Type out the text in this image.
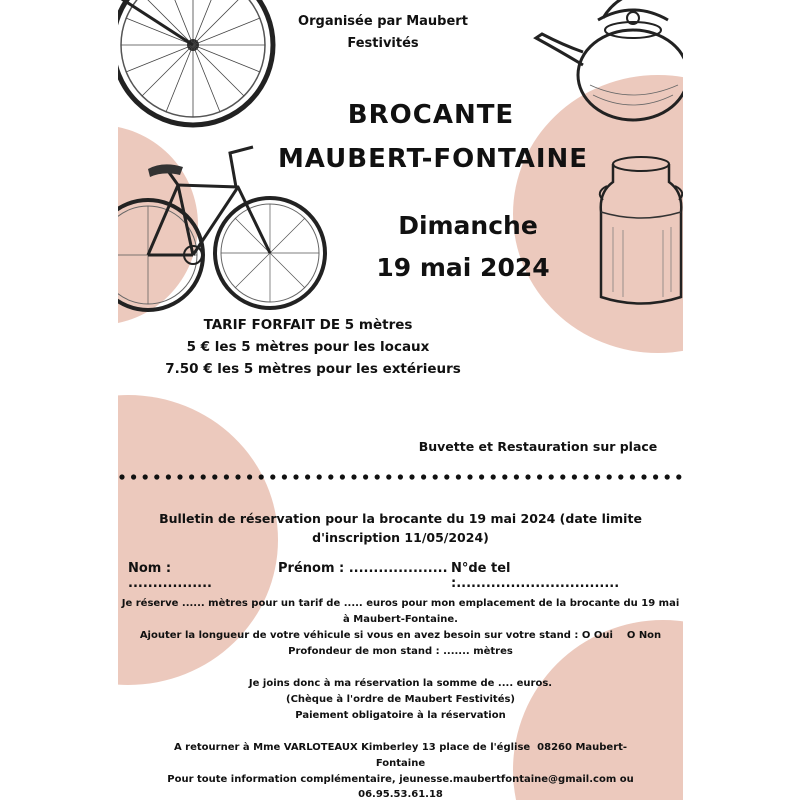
Organisée par Maubert
Festivités
BROCANTE
MAUBERT-FONTAINE
Dimanche
19 mai 2024
TARIF FORFAIT DE 5 mètres
5 € les 5 mètres pour les locaux
7.50 € les 5 mètres pour les extérieurs
Buvette et Restauration sur place
Bulletin de réservation pour la brocante du 19 mai 2024 (date limite
d'inscription 11/05/2024)
Nom : .................
Prénom : .................... N°de tel :.................................
Je réserve ...... mètres pour un tarif de ..... euros pour mon emplacement de la brocante du 19 mai
à Maubert-Fontaine.
Ajouter la longueur de votre véhicule si vous en avez besoin sur votre stand : O Oui    O Non
Profondeur de mon stand : ....... mètres
Je joins donc à ma réservation la somme de .... euros.
(Chèque à l'ordre de Maubert Festivités)
Paiement obligatoire à la réservation
A retourner à Mme VARLOTEAUX Kimberley 13 place de l'église  08260 Maubert-
Fontaine
Pour toute information complémentaire, jeunesse.maubertfontaine@gmail.com ou
06.95.53.61.18
